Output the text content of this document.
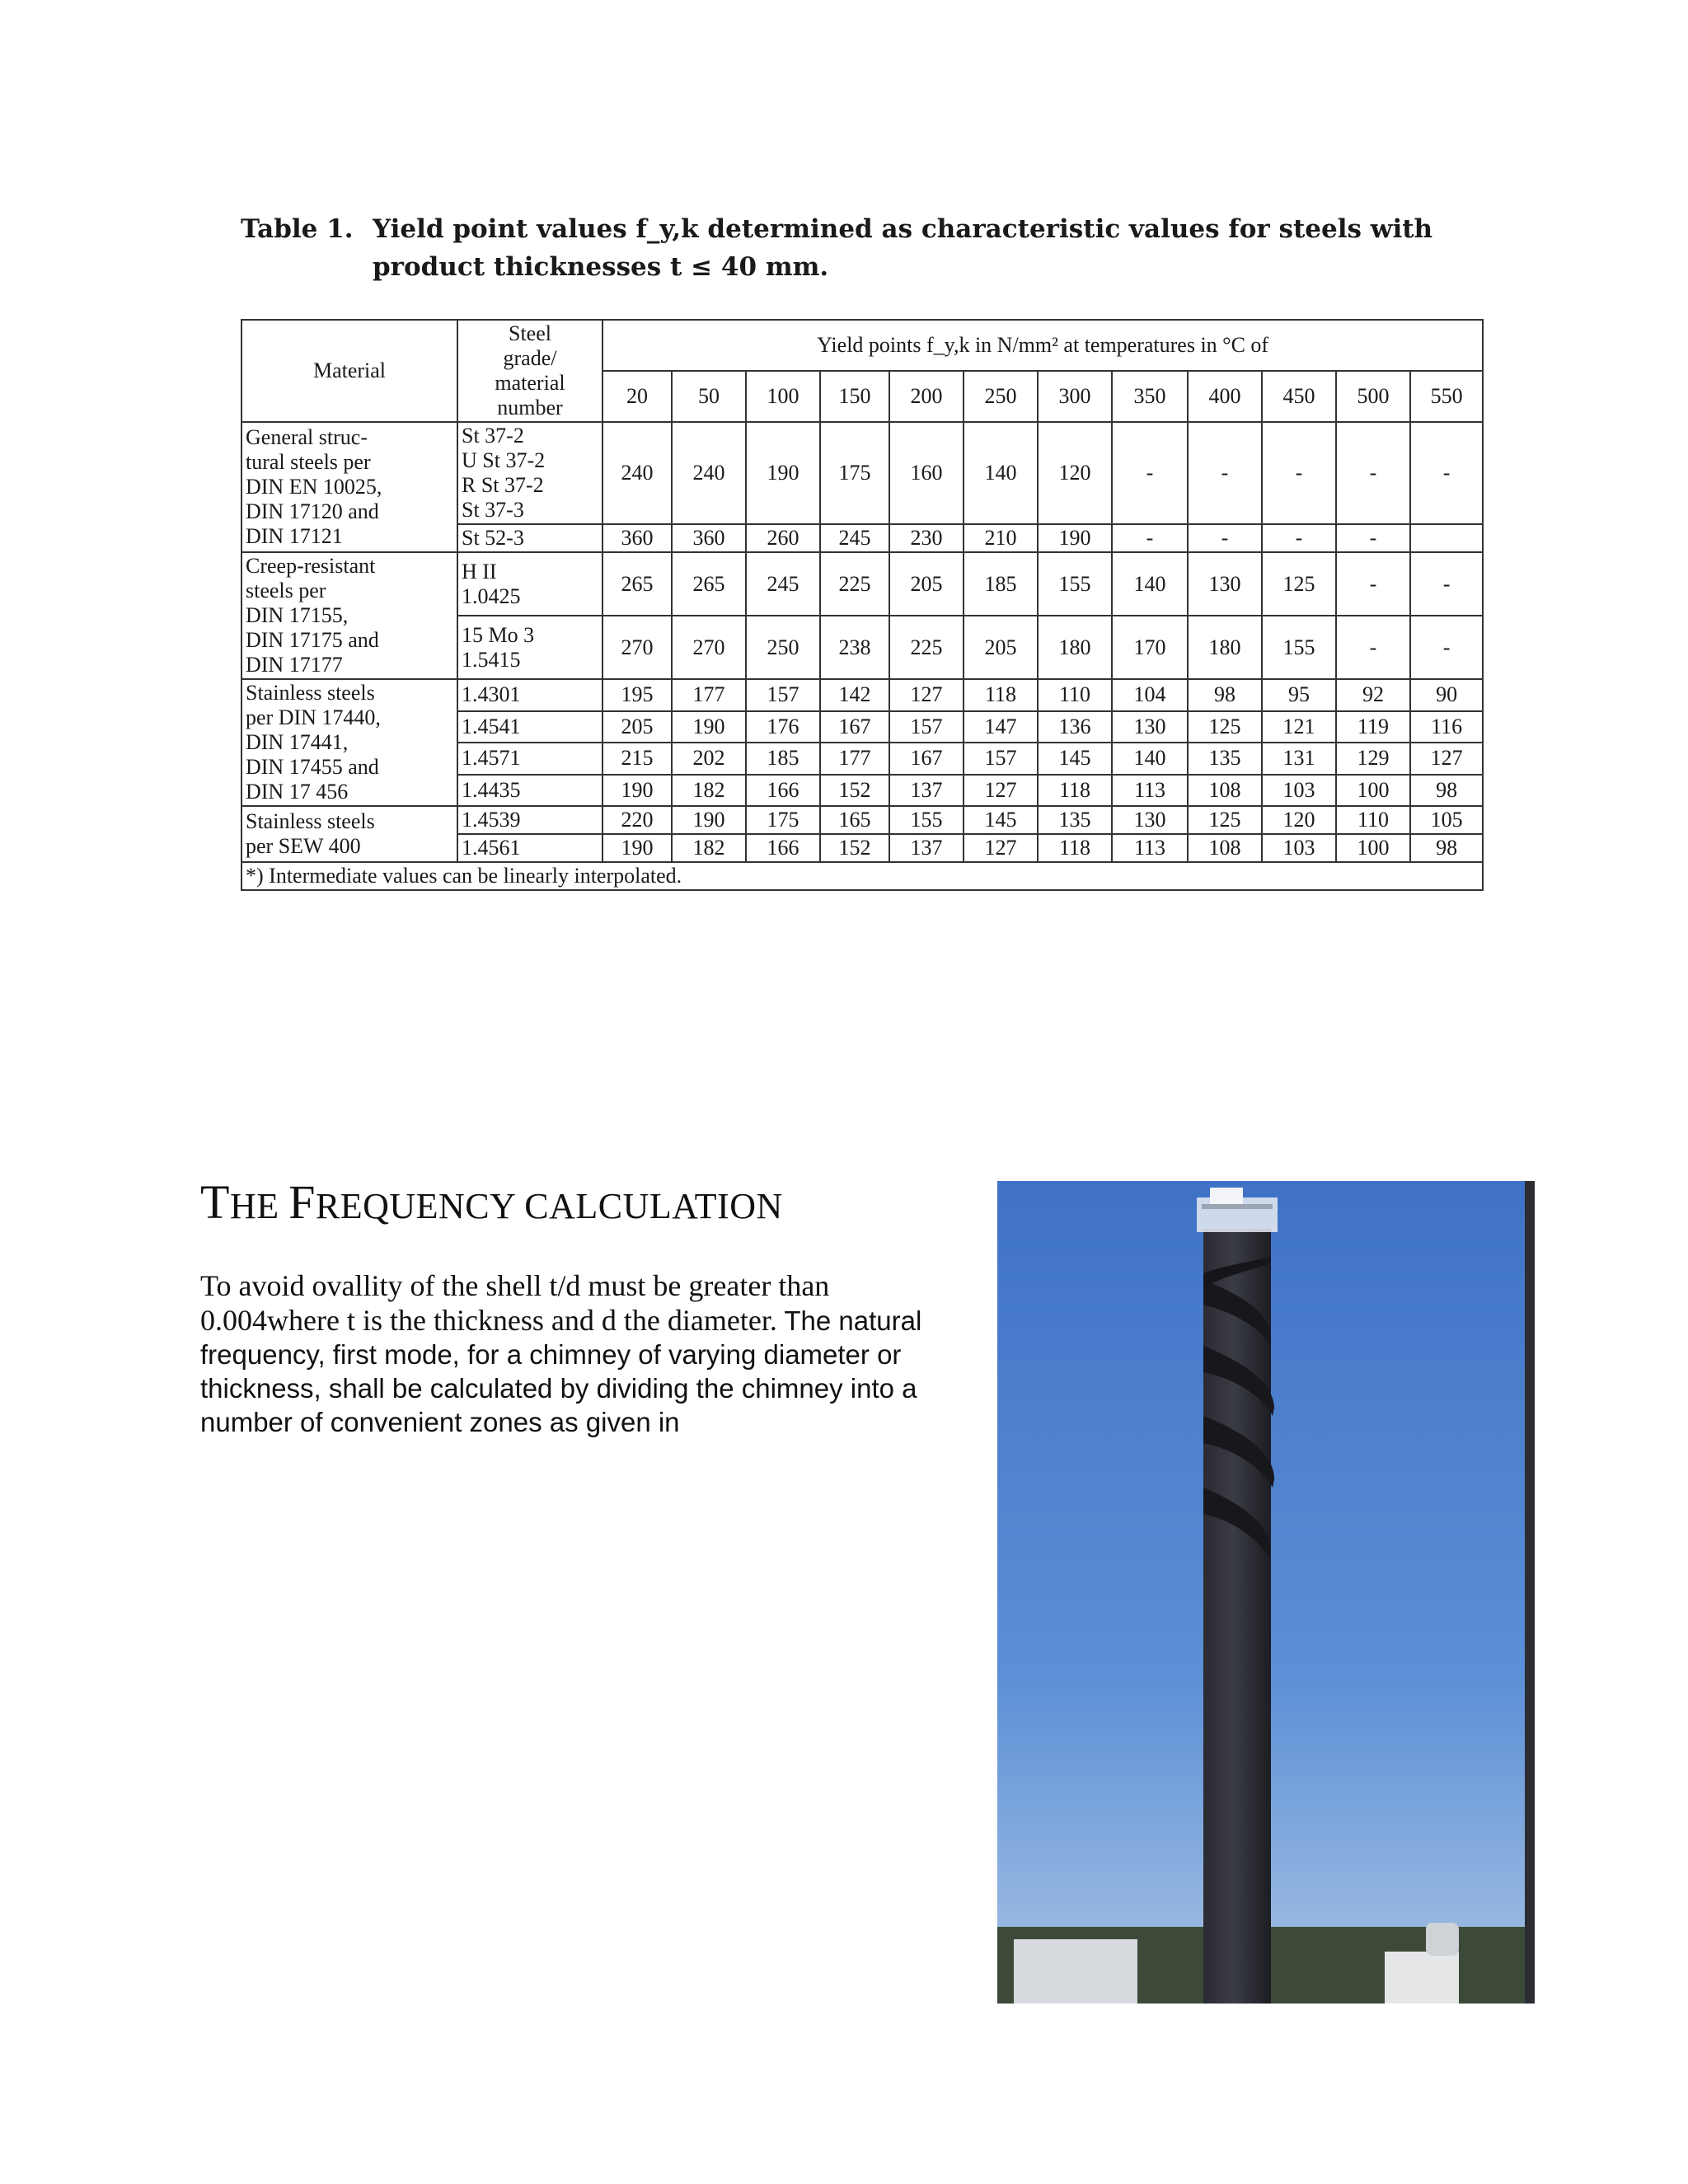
Table 1. Yield point values f_y,k determined as characteristic values for steels with product thicknesses t ≤ 40 mm.
Material	Steel
grade/
material
number	Yield points f_y,k in N/mm² at temperatures in °C of											
		20	50	100	150	200	250	300	350	400	450	500	550

General struc-
tural steels per
DIN EN 10025,
DIN 17120 and
DIN 17121	St 37-2
U St 37-2
R St 37-2
St 37-3	240	240	190	175	160	140	120	-	-	-	-	-

	St 52-3	360	360	260	245	230	210	190	-	-	-	-	

Creep-resistant
steels per
DIN 17155,
DIN 17175 and
DIN 17177	H II
1.0425	265	265	245	225	205	185	155	140	130	125	-	-

	15 Mo 3
1.5415	270	270	250	238	225	205	180	170	180	155	-	-

Stainless steels
per DIN 17440,
DIN 17441,
DIN 17455 and
DIN 17 456	1.4301	195	177	157	142	127	118	110	104	98	95	92	90

	1.4541	205	190	176	167	157	147	136	130	125	121	119	116

	1.4571	215	202	185	177	167	157	145	140	135	131	129	127

	1.4435	190	182	166	152	137	127	118	113	108	103	100	98

Stainless steels
per SEW 400	1.4539	220	190	175	165	155	145	135	130	125	120	110	105

	1.4561	190	182	166	152	137	127	118	113	108	103	100	98
*) Intermediate values can be linearly interpolated.													
THE FREQUENCY CALCULATION
To avoid ovallity of the shell t/d must be greater than 0.004where t is the thickness and d the diameter. The natural frequency, first mode, for a chimney of varying diameter or thickness, shall be calculated by dividing the chimney into a number of convenient zones as given in
